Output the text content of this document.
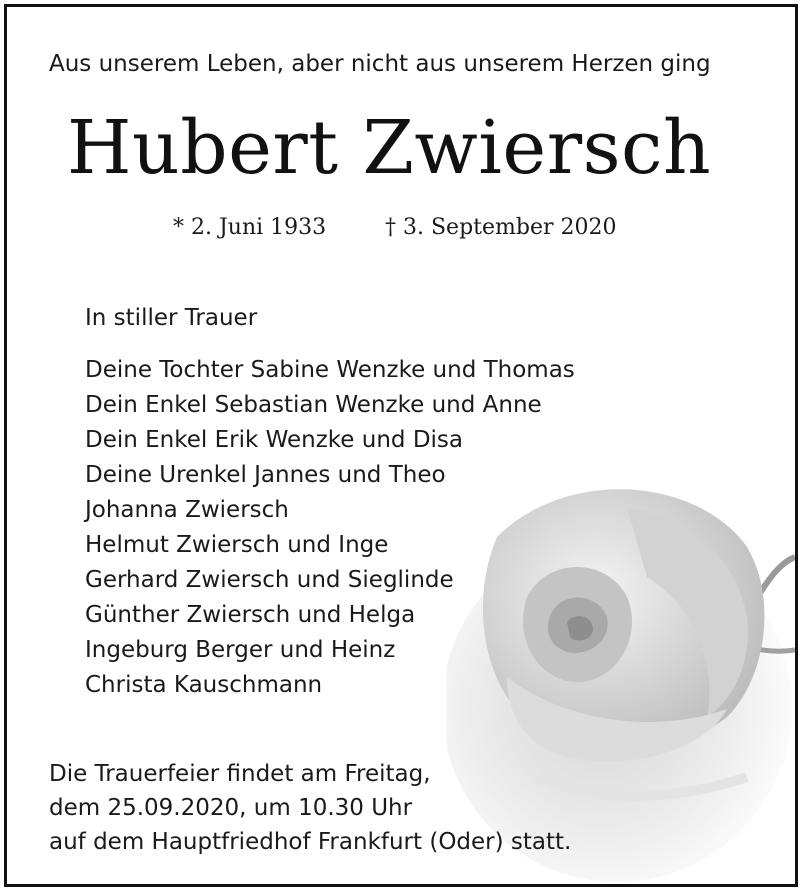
Aus unserem Leben, aber nicht aus unserem Herzen ging
Hubert Zwiersch
* 2. Juni 1933	† 3. September 2020
In stiller Trauer
Deine Tochter Sabine Wenzke und Thomas
Dein Enkel Sebastian Wenzke und Anne
Dein Enkel Erik Wenzke und Disa
Deine Urenkel Jannes und Theo
Johanna Zwiersch
Helmut Zwiersch und Inge
Gerhard Zwiersch und Sieglinde
Günther Zwiersch und Helga
Ingeburg Berger und Heinz
Christa Kauschmann
Die Trauerfeier findet am Freitag,
dem 25.09.2020, um 10.30 Uhr
auf dem Hauptfriedhof Frankfurt (Oder) statt.
